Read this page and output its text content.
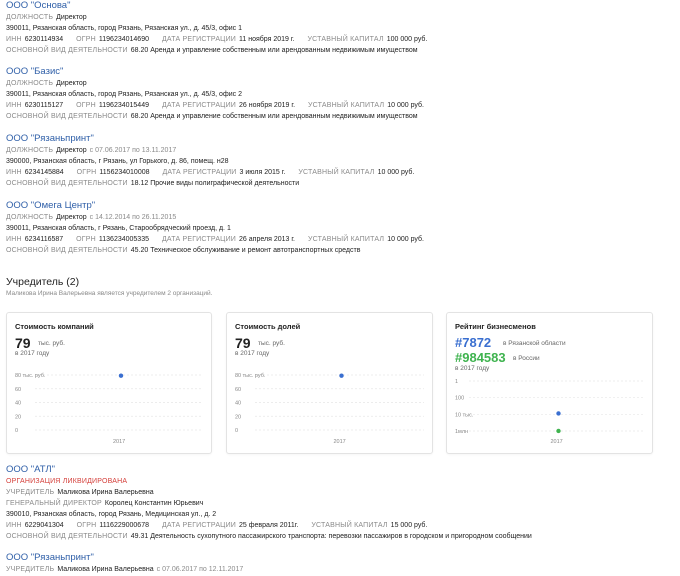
ООО "Основа"
ДОЛЖНОСТЬ Директор
390011, Рязанская область, город Рязань, Рязанская ул., д. 45/3, офис 1
ИНН 6230114934 ОГРН 1196234014690 ДАТА РЕГИСТРАЦИИ 11 ноября 2019 г. УСТАВНЫЙ КАПИТАЛ 100 000 руб.
ОСНОВНОЙ ВИД ДЕЯТЕЛЬНОСТИ 68.20 Аренда и управление собственным или арендованным недвижимым имуществом
ООО "Базис"
ДОЛЖНОСТЬ Директор
390011, Рязанская область, город Рязань, Рязанская ул., д. 45/3, офис 2
ИНН 6230115127 ОГРН 1196234015449 ДАТА РЕГИСТРАЦИИ 26 ноября 2019 г. УСТАВНЫЙ КАПИТАЛ 10 000 руб.
ОСНОВНОЙ ВИД ДЕЯТЕЛЬНОСТИ 68.20 Аренда и управление собственным или арендованным недвижимым имуществом
ООО "Рязаньпринт"
ДОЛЖНОСТЬ Директор с 07.06.2017 по 13.11.2017
390000, Рязанская область, г Рязань, ул Горького, д. 86, помещ. н28
ИНН 6234145884 ОГРН 1156234010008 ДАТА РЕГИСТРАЦИИ 3 июля 2015 г. УСТАВНЫЙ КАПИТАЛ 10 000 руб.
ОСНОВНОЙ ВИД ДЕЯТЕЛЬНОСТИ 18.12 Прочие виды полиграфической деятельности
ООО "Омега Центр"
ДОЛЖНОСТЬ Директор с 14.12.2014 по 26.11.2015
390011, Рязанская область, г Рязань, Старообрядческий проезд, д. 1
ИНН 6234116587 ОГРН 1136234005335 ДАТА РЕГИСТРАЦИИ 26 апреля 2013 г. УСТАВНЫЙ КАПИТАЛ 10 000 руб.
ОСНОВНОЙ ВИД ДЕЯТЕЛЬНОСТИ 45.20 Техническое обслуживание и ремонт автотранспортных средств
Учредитель (2)
Маликова Ирина Валерьевна является учредителем 2 организаций.
Стоимость компаний
79 тыс. руб.
в 2017 году
80 тыс. руб.
60
40
20
0
2017
Стоимость долей
79 тыс. руб.
в 2017 году
80 тыс. руб.
60
40
20
0
2017
Рейтинг бизнесменов
#7872 в Рязанской области
#984583 в России
в 2017 году
1
100
10 тыс.
1млн
2017
ООО "АТЛ"
ОРГАНИЗАЦИЯ ЛИКВИДИРОВАНА
УЧРЕДИТЕЛЬ Маликова Ирина Валерьевна
ГЕНЕРАЛЬНЫЙ ДИРЕКТОР Королец Константин Юрьевич
390010, Рязанская область, город Рязань, Медицинская ул., д. 2
ИНН 6229041304 ОГРН 1116229000678 ДАТА РЕГИСТРАЦИИ 25 февраля 2011г. УСТАВНЫЙ КАПИТАЛ 15 000 руб.
ОСНОВНОЙ ВИД ДЕЯТЕЛЬНОСТИ 49.31 Деятельность сухопутного пассажирского транспорта: перевозки пассажиров в городском и пригородном сообщении
ООО "Рязаньпринт"
УЧРЕДИТЕЛЬ Маликова Ирина Валерьевна с 07.06.2017 по 12.11.2017
